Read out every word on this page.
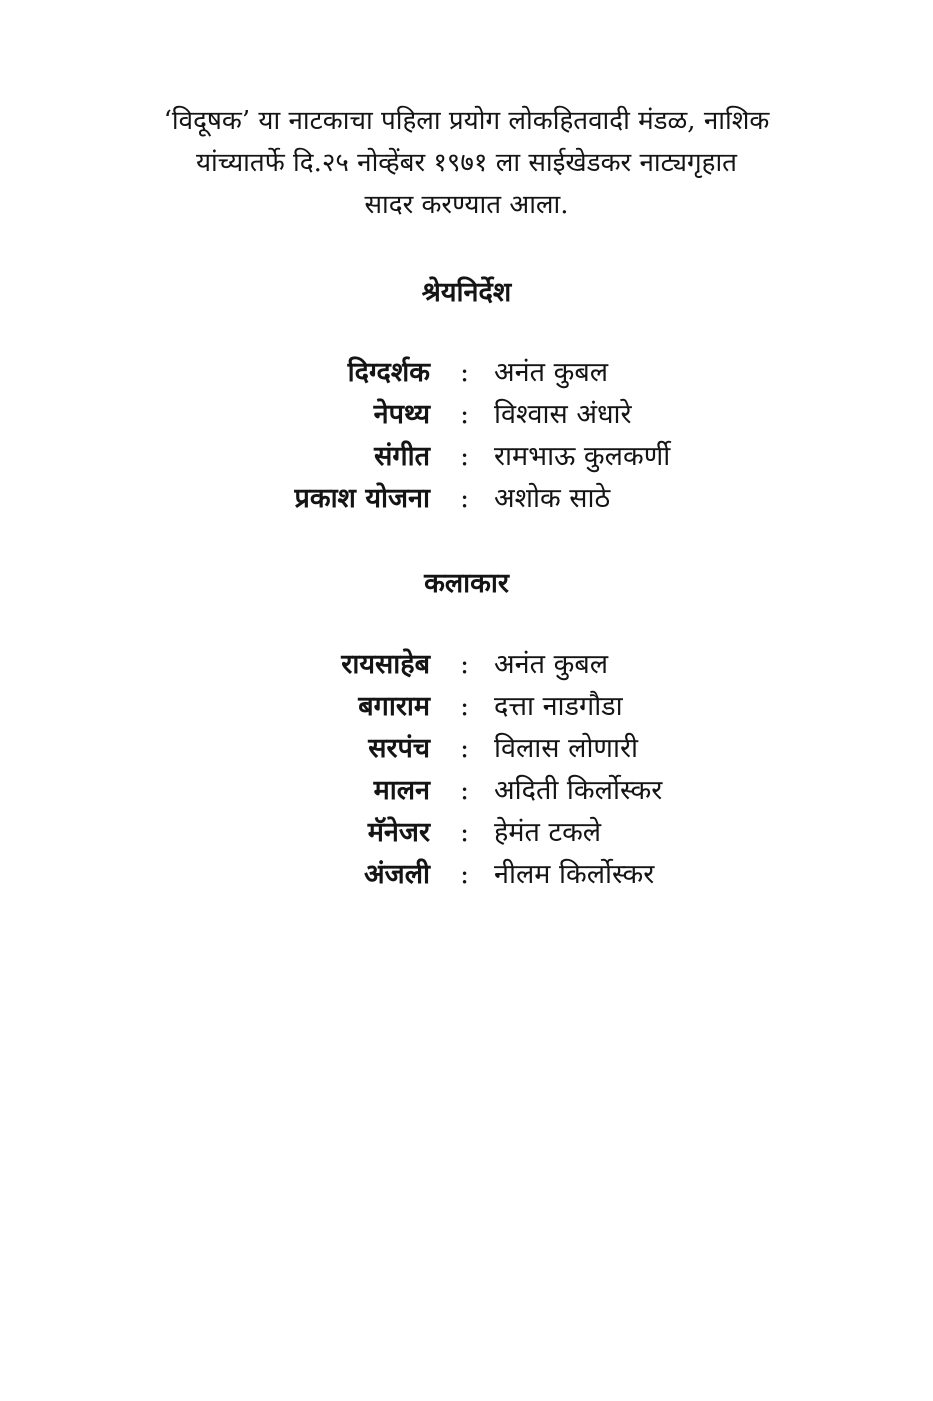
‘विदूषक’ या नाटकाचा पहिला प्रयोग लोकहितवादी मंडळ, नाशिक

यांच्यातर्फे दि.२५ नोव्हेंबर १९७१ ला साईखेडकर नाट्यगृहात

सादर करण्यात आला.

श्रेयनिर्देश
दिग्दर्शक : अनंत कुबल
नेपथ्य : विश्वास अंधारे
संगीत : रामभाऊ कुलकर्णी
प्रकाश योजना : अशोक साठे
कलाकार
रायसाहेब : अनंत कुबल
बगाराम : दत्ता नाडगौडा
सरपंच : विलास लोणारी
मालन : अदिती किर्लोस्कर
मॅनेजर : हेमंत टकले
अंजली : नीलम किर्लोस्कर
